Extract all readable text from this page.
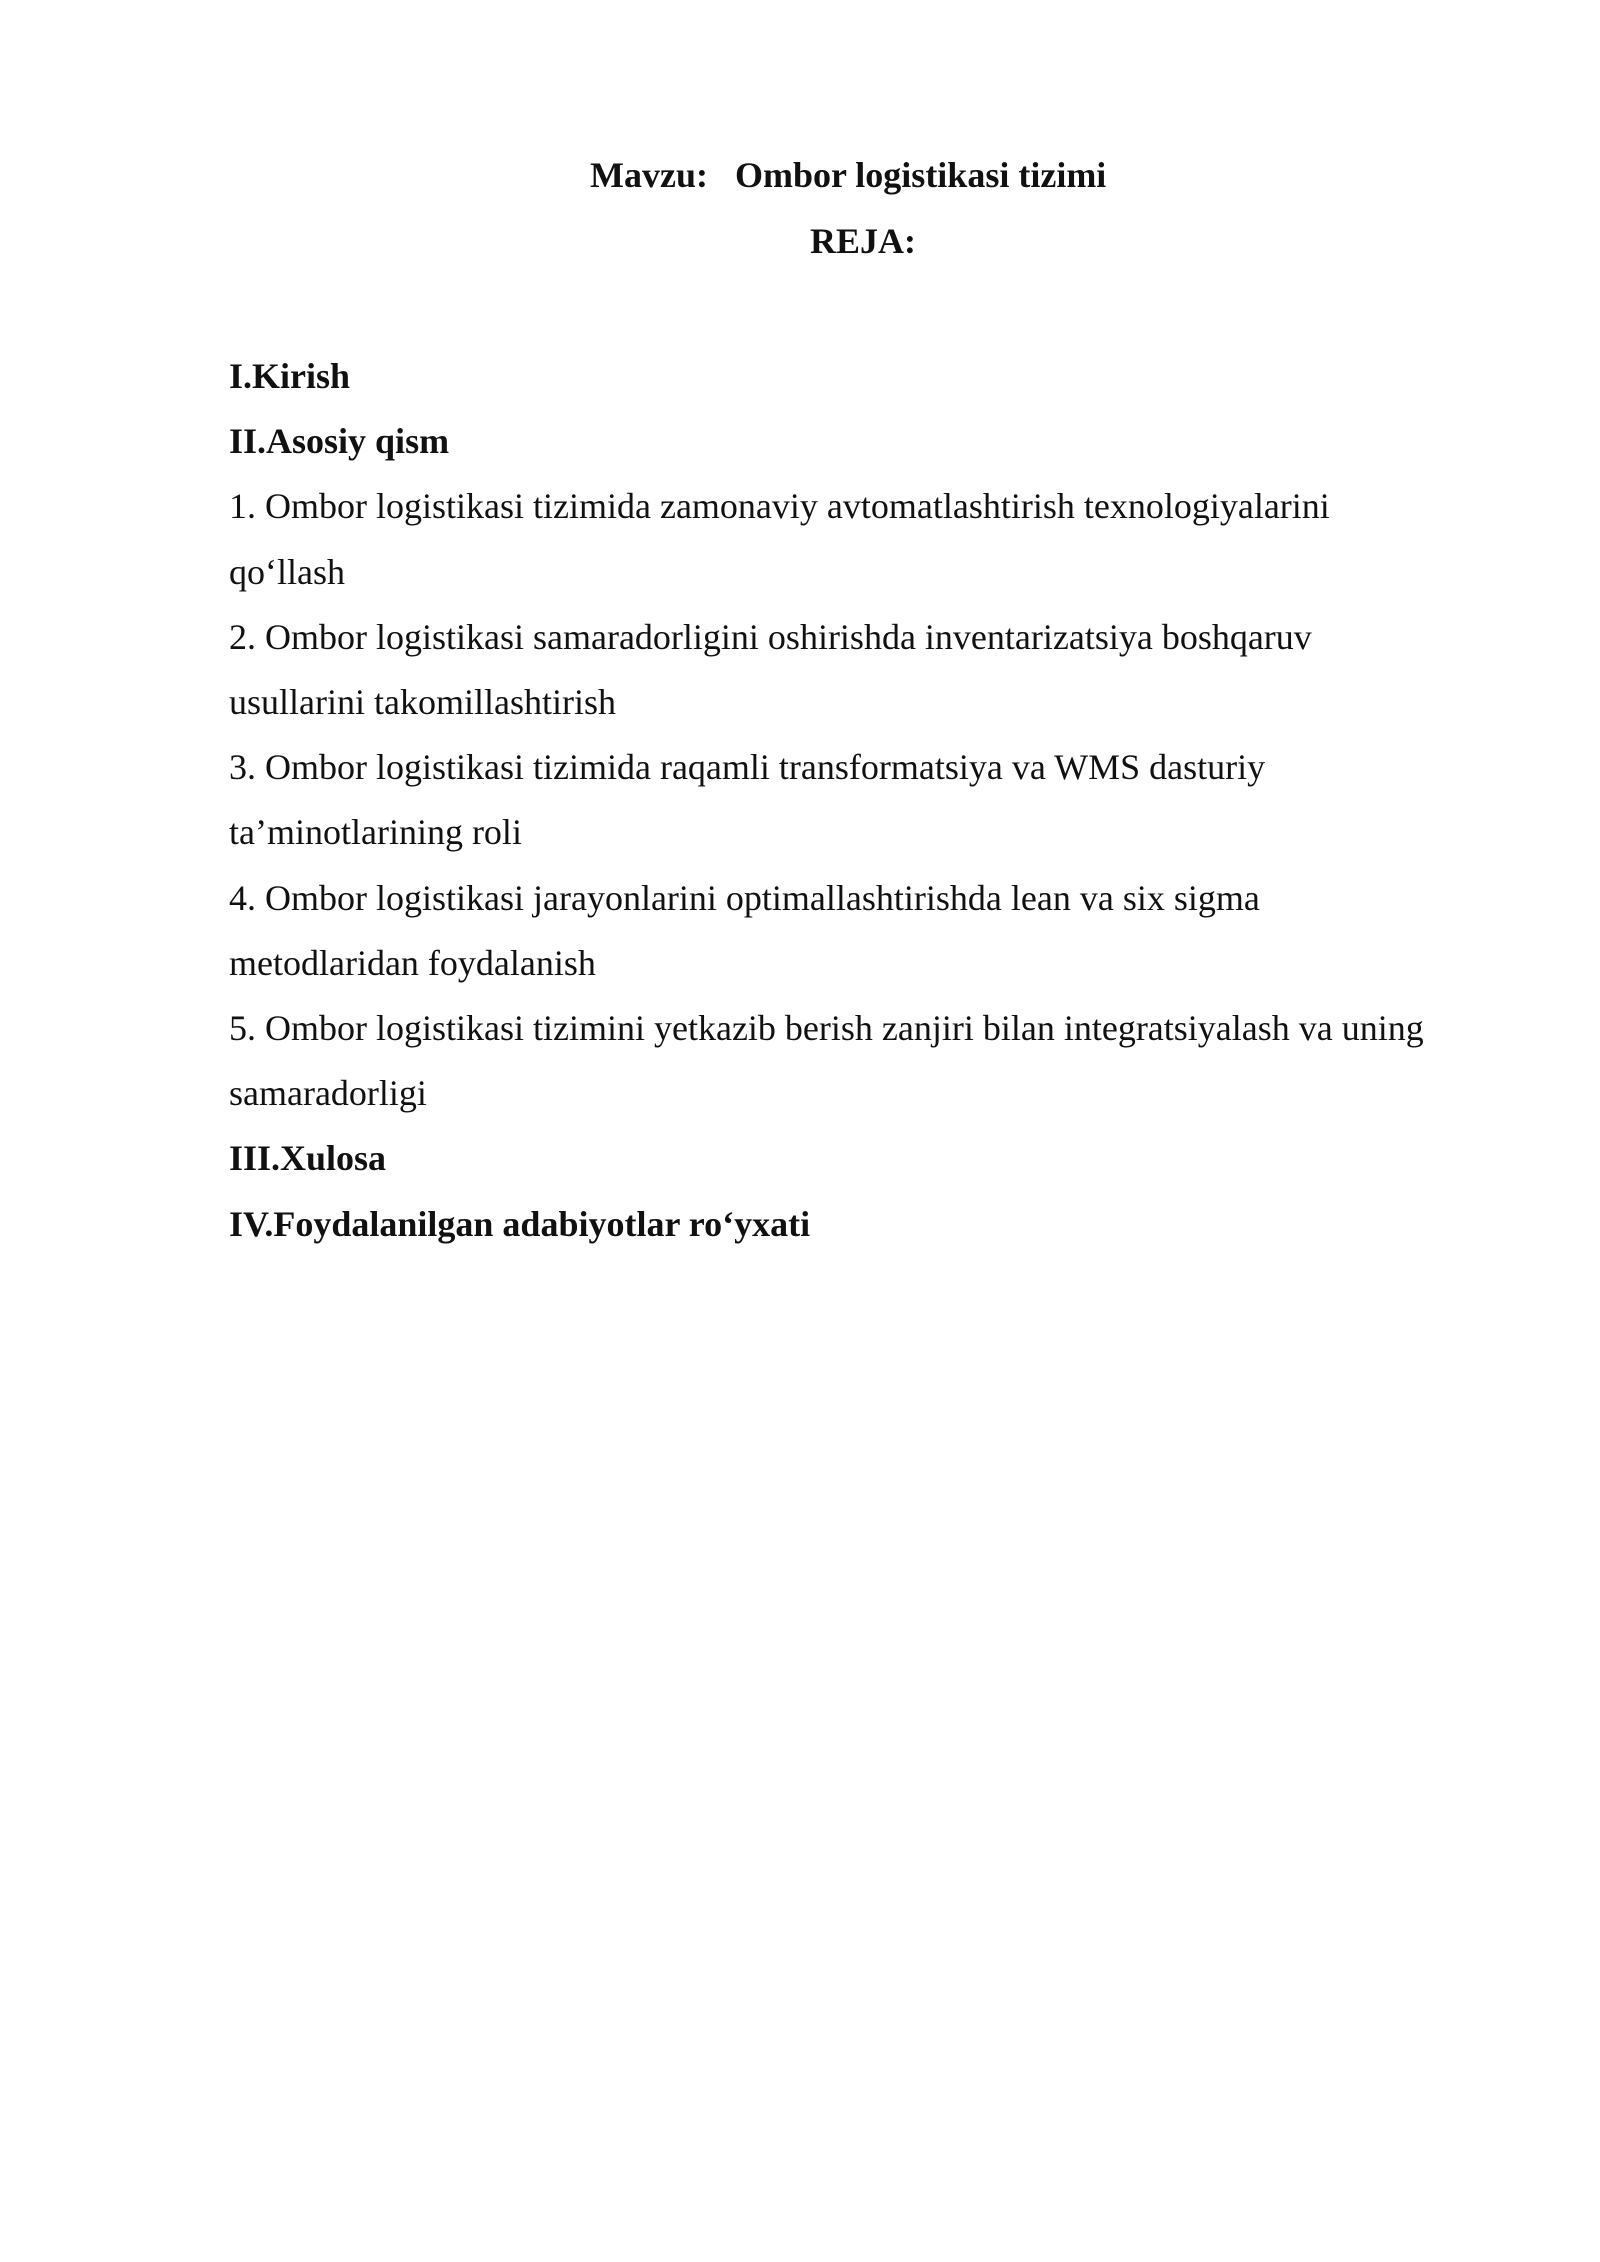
Mavzu:   Ombor logistikasi tizimi
REJA:
I.Kirish
II.Asosiy qism
1. Ombor logistikasi tizimida zamonaviy avtomatlashtirish texnologiyalarini
qo‘llash
2. Ombor logistikasi samaradorligini oshirishda inventarizatsiya boshqaruv
usullarini takomillashtirish
3. Ombor logistikasi tizimida raqamli transformatsiya va WMS dasturiy
ta’minotlarining roli
4. Ombor logistikasi jarayonlarini optimallashtirishda lean va six sigma
metodlaridan foydalanish
5. Ombor logistikasi tizimini yetkazib berish zanjiri bilan integratsiyalash va uning
samaradorligi
III.Xulosa
IV.Foydalanilgan adabiyotlar ro‘yxati
